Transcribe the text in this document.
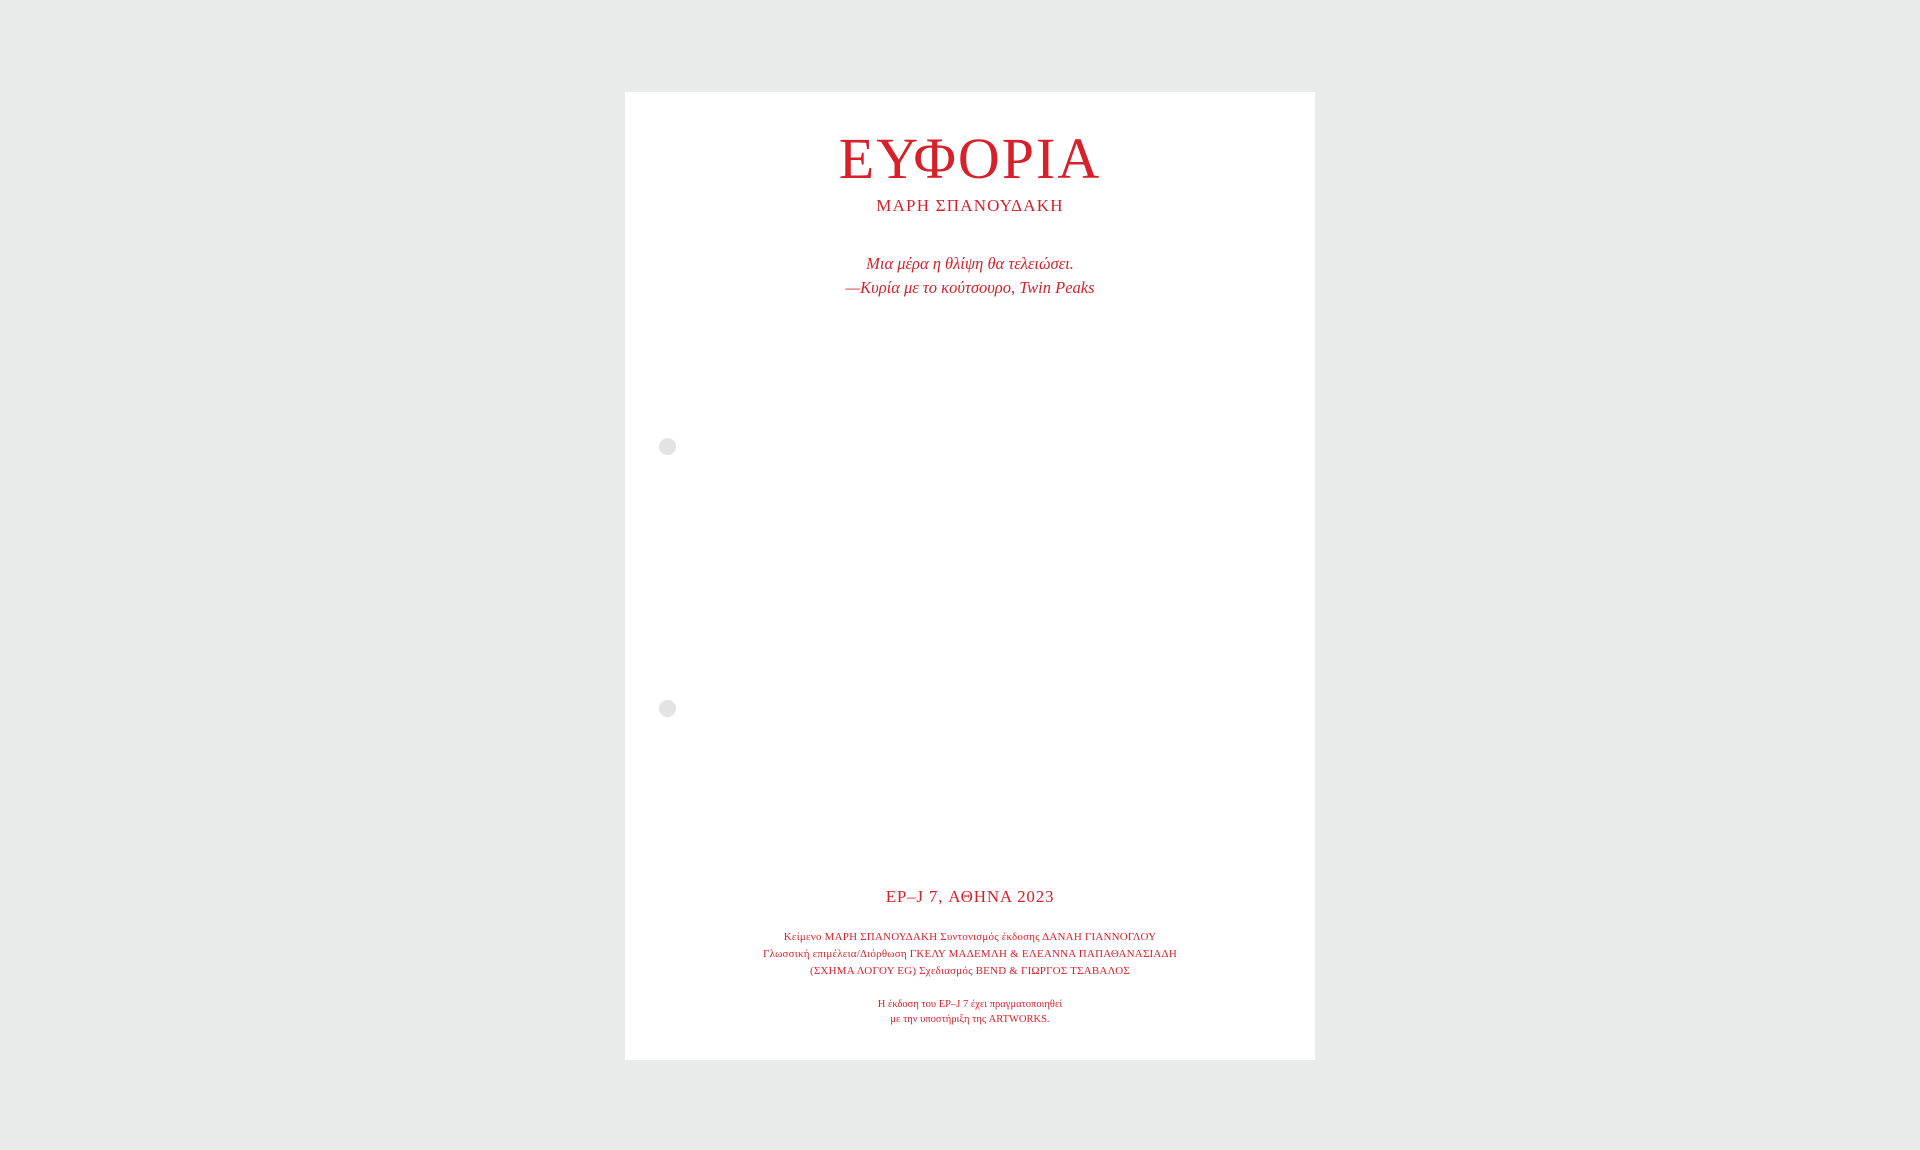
ΕΥΦΟΡΙΑ
ΜΑΡΗ ΣΠΑΝΟΥΔΑΚΗ
Μια μέρα η θλίψη θα τελειώσει.
—Κυρία με το κούτσουρο, Twin Peaks
EP–J 7, ΑΘΗΝΑ 2023
Κείμενο ΜΑΡΗ ΣΠΑΝΟΥΔΑΚΗ Συντονισμός έκδοσης ΔΑΝΑΗ ΓΙΑΝΝΟΓΛΟΥ
Γλωσσική επιμέλεια/Διόρθωση ΓΚΕΛΥ ΜΑΔΕΜΛΗ & ΕΛΕΑΝΝΑ ΠΑΠΑΘΑΝΑΣΙΑΔΗ
(ΣΧΗΜΑ ΛΟΓΟΥ EG) Σχεδιασμός BEND & ΓΙΩΡΓΟΣ ΤΣΑΒΑΛΟΣ
Η έκδοση του EP–J 7 έχει πραγματοποιηθεί
με την υποστήριξη της ARTWORKS.
